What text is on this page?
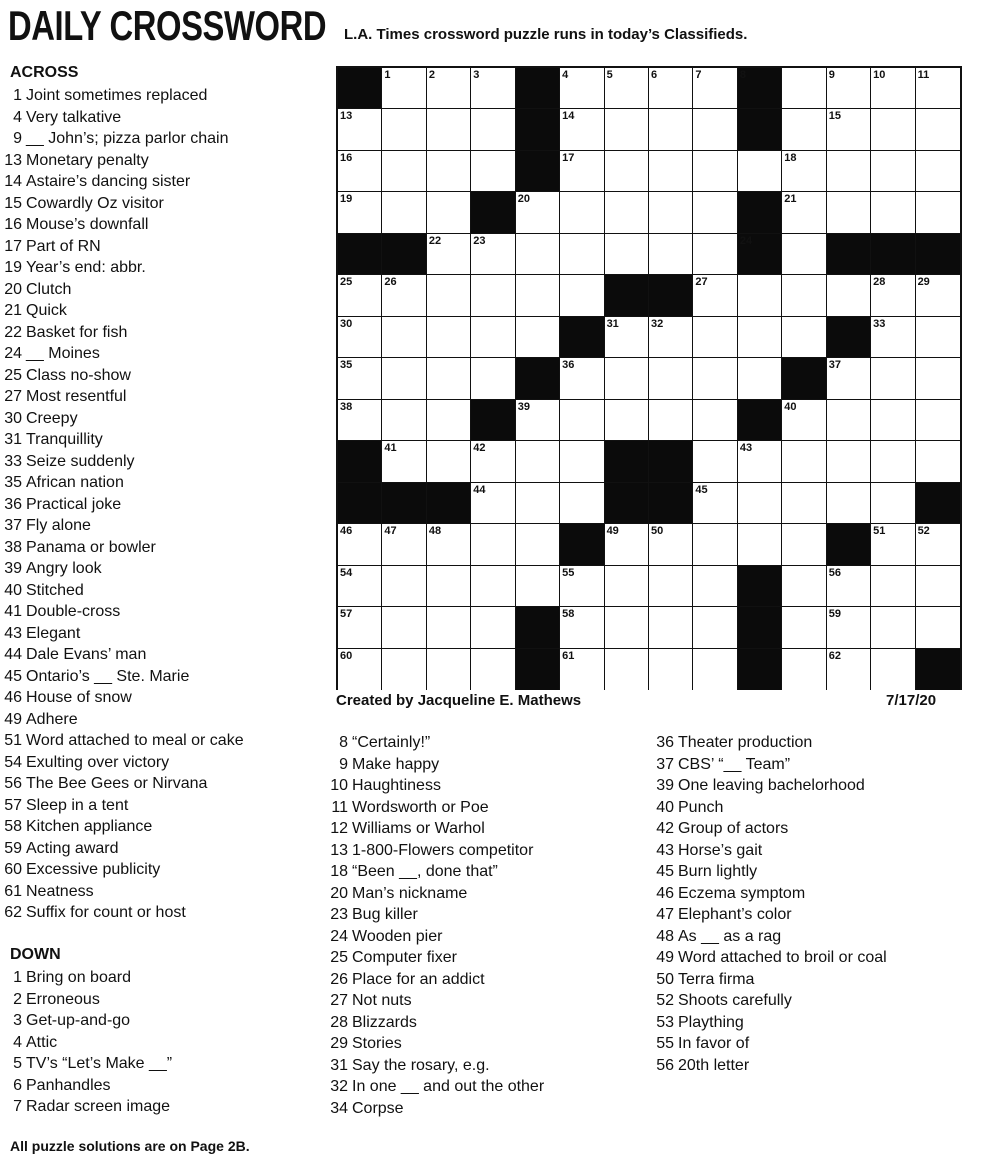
DAILY CROSSWORD	L.A. Times crossword puzzle runs in today’s Classifieds.
ACROSS
1 Joint sometimes replaced
4 Very talkative
9 __ John’s; pizza parlor chain
13 Monetary penalty
14 Astaire’s dancing sister
15 Cowardly Oz visitor
16 Mouse’s downfall
17 Part of RN
19 Year’s end: abbr.
20 Clutch
21 Quick
22 Basket for fish
24 __ Moines
25 Class no-show
27 Most resentful
30 Creepy
31 Tranquillity
33 Seize suddenly
35 African nation
36 Practical joke
37 Fly alone
38 Panama or bowler
39 Angry look
40 Stitched
41 Double-cross
43 Elegant
44 Dale Evans’ man
45 Ontario’s __ Ste. Marie
46 House of snow
49 Adhere
51 Word attached to meal or cake
54 Exulting over victory
56 The Bee Gees or Nirvana
57 Sleep in a tent
58 Kitchen appliance
59 Acting award
60 Excessive publicity
61 Neatness
62 Suffix for count or host
DOWN
1 Bring on board
2 Erroneous
3 Get-up-and-go
4 Attic
5 TV’s “Let’s Make __”
6 Panhandles
7 Radar screen image
8 “Certainly!”
9 Make happy
10 Haughtiness
11 Wordsworth or Poe
12 Williams or Warhol
13 1-800-Flowers competitor
18 “Been __, done that”
20 Man’s nickname
23 Bug killer
24 Wooden pier
25 Computer fixer
26 Place for an addict
27 Not nuts
28 Blizzards
29 Stories
31 Say the rosary, e.g.
32 In one __ and out the other
34 Corpse
36 Theater production
37 CBS’ “__ Team”
39 One leaving bachelorhood
40 Punch
42 Group of actors
43 Horse’s gait
45 Burn lightly
46 Eczema symptom
47 Elephant’s color
48 As __ as a rag
49 Word attached to broil or coal
50 Terra firma
52 Shoots carefully
53 Plaything
55 In favor of
56 20th letter
1	2	3	4	5	6	7	8	9	10	11
13	14	15
16	17	18
19	20	21
22	23	24
25	26	27	28	29
30	31	32	33
35	36	37
38	39	40
41	42	43
44	45
46	47	48	49	50	51	52
54	55	56
57	58	59
60	61	62
Created by Jacqueline E. Mathews	7/17/20
All puzzle solutions are on Page 2B.
